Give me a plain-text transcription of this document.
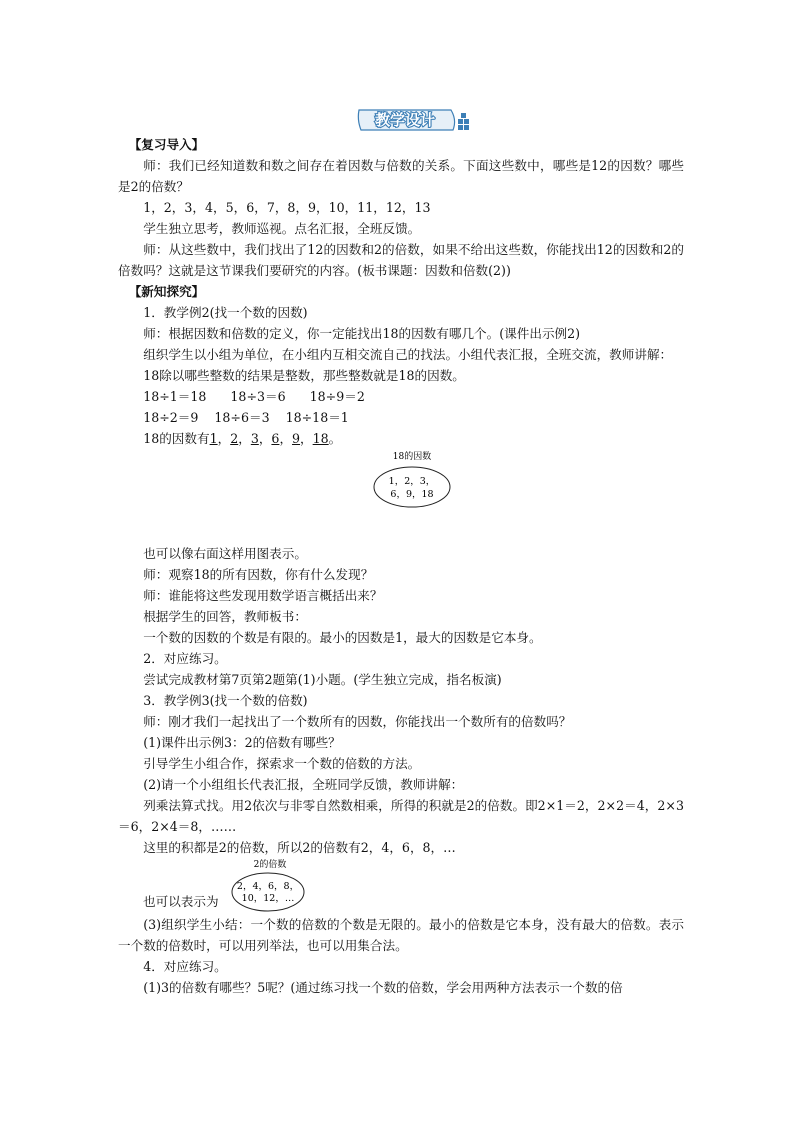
教学设计

【复习导入】

师：我们已经知道数和数之间存在着因数与倍数的关系。下面这些数中，哪些是12的因数？哪些是2的倍数？

1，2，3，4，5，6，7，8，9，10，11，12，13

学生独立思考，教师巡视。点名汇报，全班反馈。

师：从这些数中，我们找出了12的因数和2的倍数，如果不给出这些数，你能找出12的因数和2的倍数吗？这就是这节课我们要研究的内容。(板书课题：因数和倍数(2))

【新知探究】

1．教学例2(找一个数的因数)

师：根据因数和倍数的定义，你一定能找出18的因数有哪几个。(课件出示例2)

组织学生以小组为单位，在小组内互相交流自己的找法。小组代表汇报，全班交流，教师讲解：

18除以哪些整数的结果是整数，那些整数就是18的因数。

18÷1＝18      18÷3＝6      18÷9＝2

18÷2＝9    18÷6＝3    18÷18＝1

18的因数有1，2，3，6，9，18。

18的因数
1，2，3，
6，9，18

也可以像右面这样用图表示。

师：观察18的所有因数，你有什么发现？

师：谁能将这些发现用数学语言概括出来？

根据学生的回答，教师板书：

一个数的因数的个数是有限的。最小的因数是1，最大的因数是它本身。

2．对应练习。

尝试完成教材第7页第2题第(1)小题。(学生独立完成，指名板演)

3．教学例3(找一个数的倍数)

师：刚才我们一起找出了一个数所有的因数，你能找出一个数所有的倍数吗？

(1)课件出示例3：2的倍数有哪些？

引导学生小组合作，探索求一个数的倍数的方法。

(2)请一个小组组长代表汇报，全班同学反馈，教师讲解：

列乘法算式找。用2依次与非零自然数相乘，所得的积就是2的倍数。即2×1＝2，2×2＝4，2×3＝6，2×4＝8，……

这里的积都是2的倍数，所以2的倍数有2，4，6，8，…

也可以表示为
2的倍数
2，4，6，8，
10，12，…

(3)组织学生小结：一个数的倍数的个数是无限的。最小的倍数是它本身，没有最大的倍数。表示一个数的倍数时，可以用列举法，也可以用集合法。

4．对应练习。

(1)3的倍数有哪些？5呢？(通过练习找一个数的倍数，学会用两种方法表示一个数的倍
